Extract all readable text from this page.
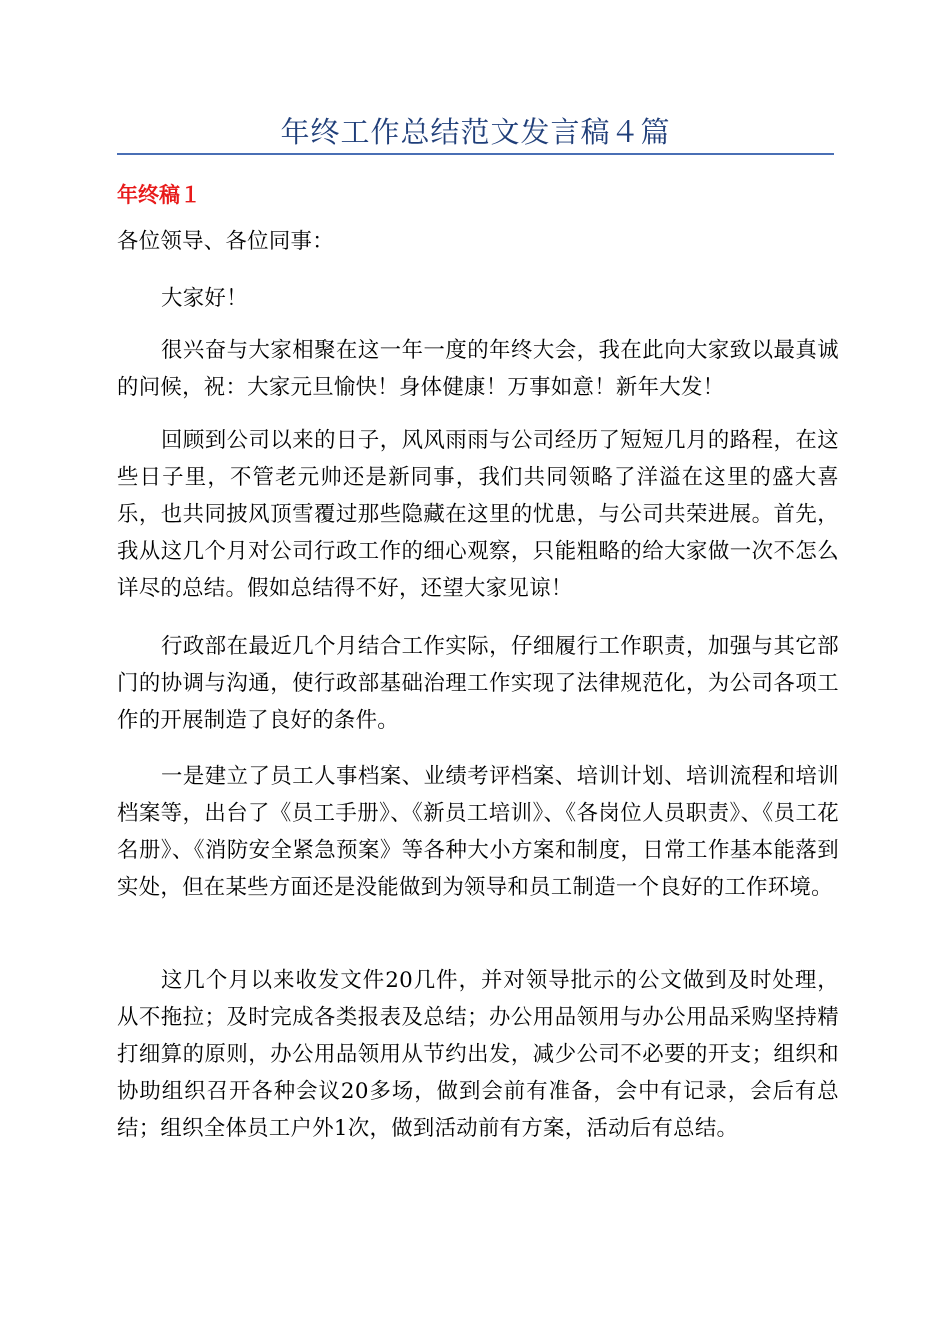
年终工作总结范文发言稿４篇
年终稿１

各位领导、各位同事：

大家好！

很兴奋与大家相聚在这一年一度的年终大会，我在此向大家致以最真诚的问候，祝：大家元旦愉快！身体健康！万事如意！新年大发！

回顾到公司以来的日子，风风雨雨与公司经历了短短几月的路程，在这些日子里，不管老元帅还是新同事，我们共同领略了洋溢在这里的盛大喜乐，也共同披风顶雪覆过那些隐藏在这里的忧患，与公司共荣进展。首先，我从这几个月对公司行政工作的细心观察，只能粗略的给大家做一次不怎么详尽的总结。假如总结得不好，还望大家见谅！

行政部在最近几个月结合工作实际，仔细履行工作职责，加强与其它部门的协调与沟通，使行政部基础治理工作实现了法律规范化，为公司各项工作的开展制造了良好的条件。

一是建立了员工人事档案、业绩考评档案、培训计划、培训流程和培训档案等，出台了《员工手册》、《新员工培训》、《各岗位人员职责》、《员工花名册》、《消防安全紧急预案》等各种大小方案和制度，日常工作基本能落到实处，但在某些方面还是没能做到为领导和员工制造一个良好的工作环境。

这几个月以来收发文件20几件，并对领导批示的公文做到及时处理，从不拖拉；及时完成各类报表及总结；办公用品领用与办公用品采购坚持精打细算的原则，办公用品领用从节约出发，减少公司不必要的开支；组织和协助组织召开各种会议20多场，做到会前有准备，会中有记录，会后有总结；组织全体员工户外1次，做到活动前有方案，活动后有总结。
